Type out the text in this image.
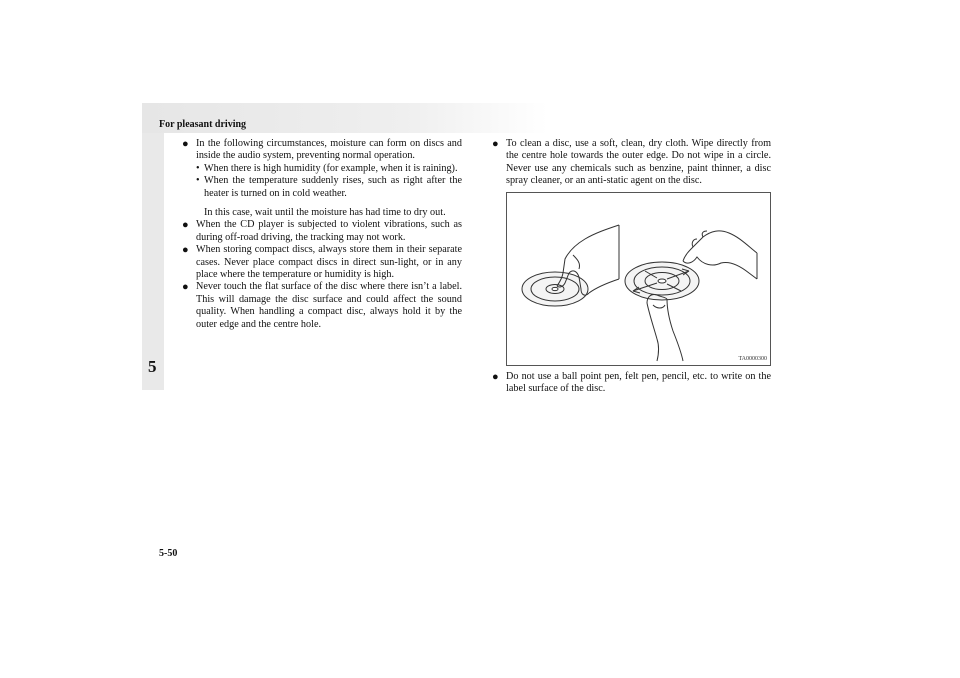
For pleasant driving
5
● In the following circumstances, moisture can form on discs and inside the audio system, preventing normal operation.
• When there is high humidity (for example, when it is raining).
• When the temperature suddenly rises, such as right after the heater is turned on in cold weather.
In this case, wait until the moisture has had time to dry out.
● When the CD player is subjected to violent vibrations, such as during off-road driving, the tracking may not work.
● When storing compact discs, always store them in their separate cases. Never place compact discs in direct sun-light, or in any place where the temperature or humidity is high.
● Never touch the flat surface of the disc where there isn’t a label. This will damage the disc surface and could affect the sound quality. When handling a compact disc, always hold it by the outer edge and the centre hole.
● To clean a disc, use a soft, clean, dry cloth. Wipe directly from the centre hole towards the outer edge. Do not wipe in a circle. Never use any chemicals such as benzine, paint thinner, a disc spray cleaner, or an anti-static agent on the disc.
TA0000300
● Do not use a ball point pen, felt pen, pencil, etc. to write on the label surface of the disc.
5-50
